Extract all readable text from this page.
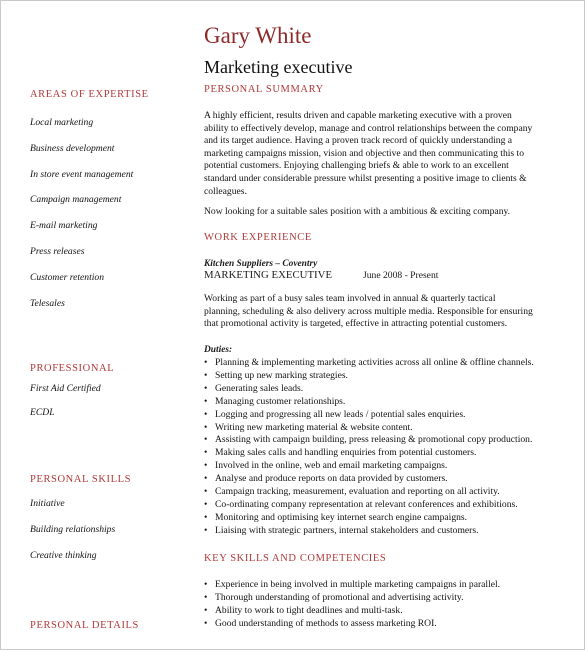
Gary White
Marketing executive
AREAS OF EXPERTISE
Local marketing
Business development
In store event management
Campaign management
E-mail marketing
Press releases
Customer retention
Telesales
PROFESSIONAL
First Aid Certified
ECDL
PERSONAL SKILLS
Initiative
Building relationships
Creative thinking
PERSONAL DETAILS
PERSONAL SUMMARY
A highly efficient, results driven and capable marketing executive with a proven
ability to effectively develop, manage and control relationships between the company
and its target audience. Having a proven track record of quickly understanding a
marketing campaigns mission, vision and objective and then communicating this to
potential customers. Enjoying challenging briefs & able to work to an excellent
standard under considerable pressure whilst presenting a positive image to clients &
colleagues.
Now looking for a suitable sales position with a ambitious & exciting company.
WORK EXPERIENCE
Kitchen Suppliers – Coventry
MARKETING EXECUTIVE	June 2008 - Present
Working as part of a busy sales team involved in annual & quarterly tactical
planning, scheduling & also delivery across multiple media. Responsible for ensuring
that promotional activity is targeted, effective in attracting potential customers.
Duties:
• Planning & implementing marketing activities across all online & offline channels.
• Setting up new marking strategies.
• Generating sales leads.
• Managing customer relationships.
• Logging and progressing all new leads / potential sales enquiries.
• Writing new marketing material & website content.
• Assisting with campaign building, press releasing & promotional copy production.
• Making sales calls and handling enquiries from potential customers.
• Involved in the online, web and email marketing campaigns.
• Analyse and produce reports on data provided by customers.
• Campaign tracking, measurement, evaluation and reporting on all activity.
• Co-ordinating company representation at relevant conferences and exhibitions.
• Monitoring and optimising key internet search engine campaigns.
• Liaising with strategic partners, internal stakeholders and customers.
KEY SKILLS AND COMPETENCIES
• Experience in being involved in multiple marketing campaigns in parallel.
• Thorough understanding of promotional and advertising activity.
• Ability to work to tight deadlines and multi-task.
• Good understanding of methods to assess marketing ROI.
